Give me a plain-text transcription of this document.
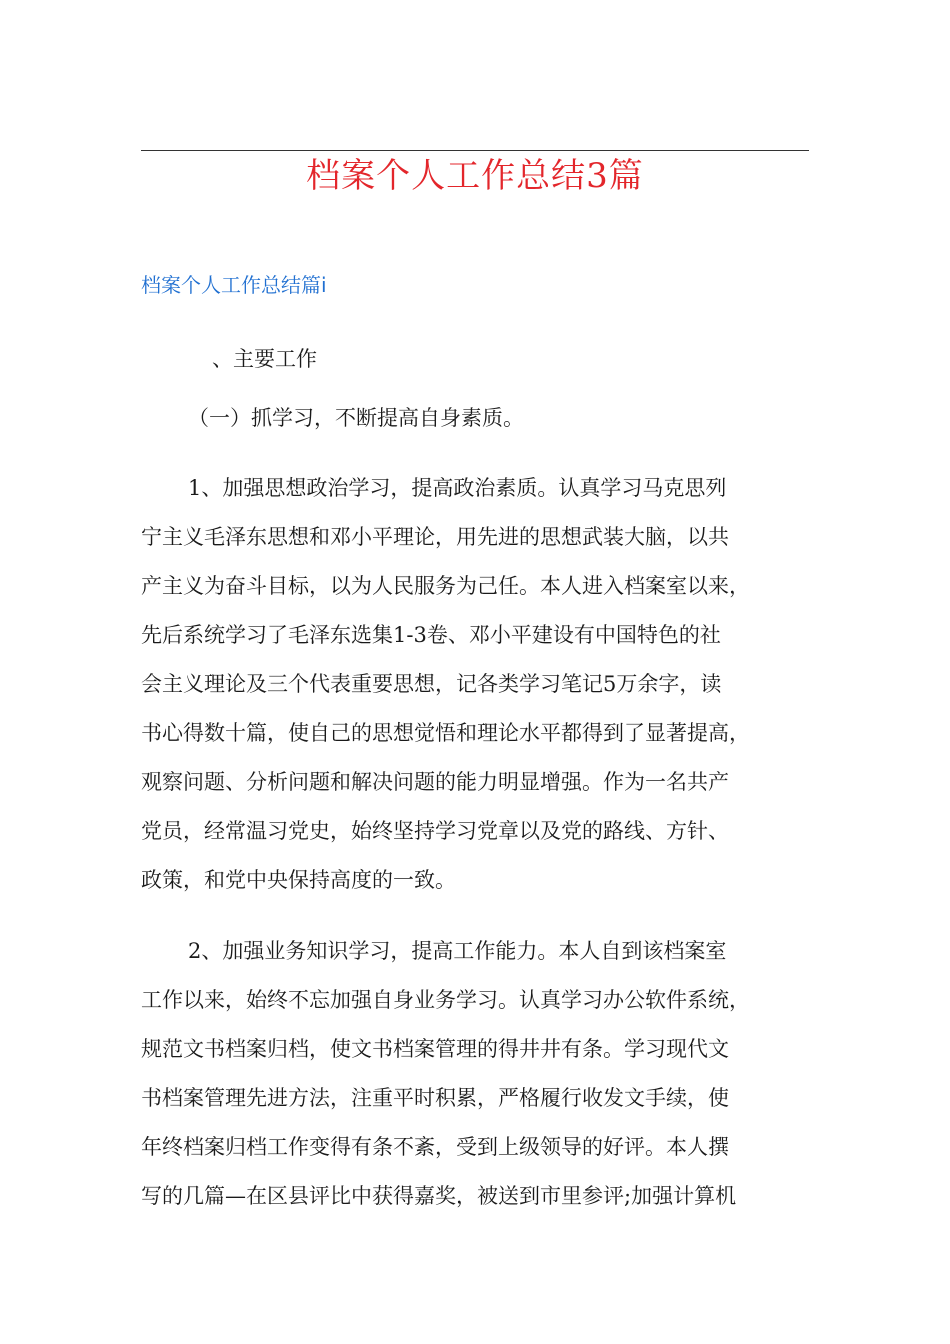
档案个人工作总结3篇
档案个人工作总结篇i
、主要工作
（一）抓学习，不断提高自身素质。
1、加强思想政治学习，提高政治素质。认真学习马克思列
宁主义毛泽东思想和邓小平理论，用先进的思想武装大脑，以共
产主义为奋斗目标，以为人民服务为己任。本人进入档案室以来，
先后系统学习了毛泽东选集1-3卷、邓小平建设有中国特色的社
会主义理论及三个代表重要思想，记各类学习笔记5万余字，读
书心得数十篇，使自己的思想觉悟和理论水平都得到了显著提高，
观察问题、分析问题和解决问题的能力明显增强。作为一名共产
党员，经常温习党史，始终坚持学习党章以及党的路线、方针、
政策，和党中央保持高度的一致。
2、加强业务知识学习，提高工作能力。本人自到该档案室
工作以来，始终不忘加强自身业务学习。认真学习办公软件系统，
规范文书档案归档，使文书档案管理的得井井有条。学习现代文
书档案管理先进方法，注重平时积累，严格履行收发文手续，使
年终档案归档工作变得有条不紊，受到上级领导的好评。本人撰
写的几篇—在区县评比中获得嘉奖，被送到市里参评;加强计算机
